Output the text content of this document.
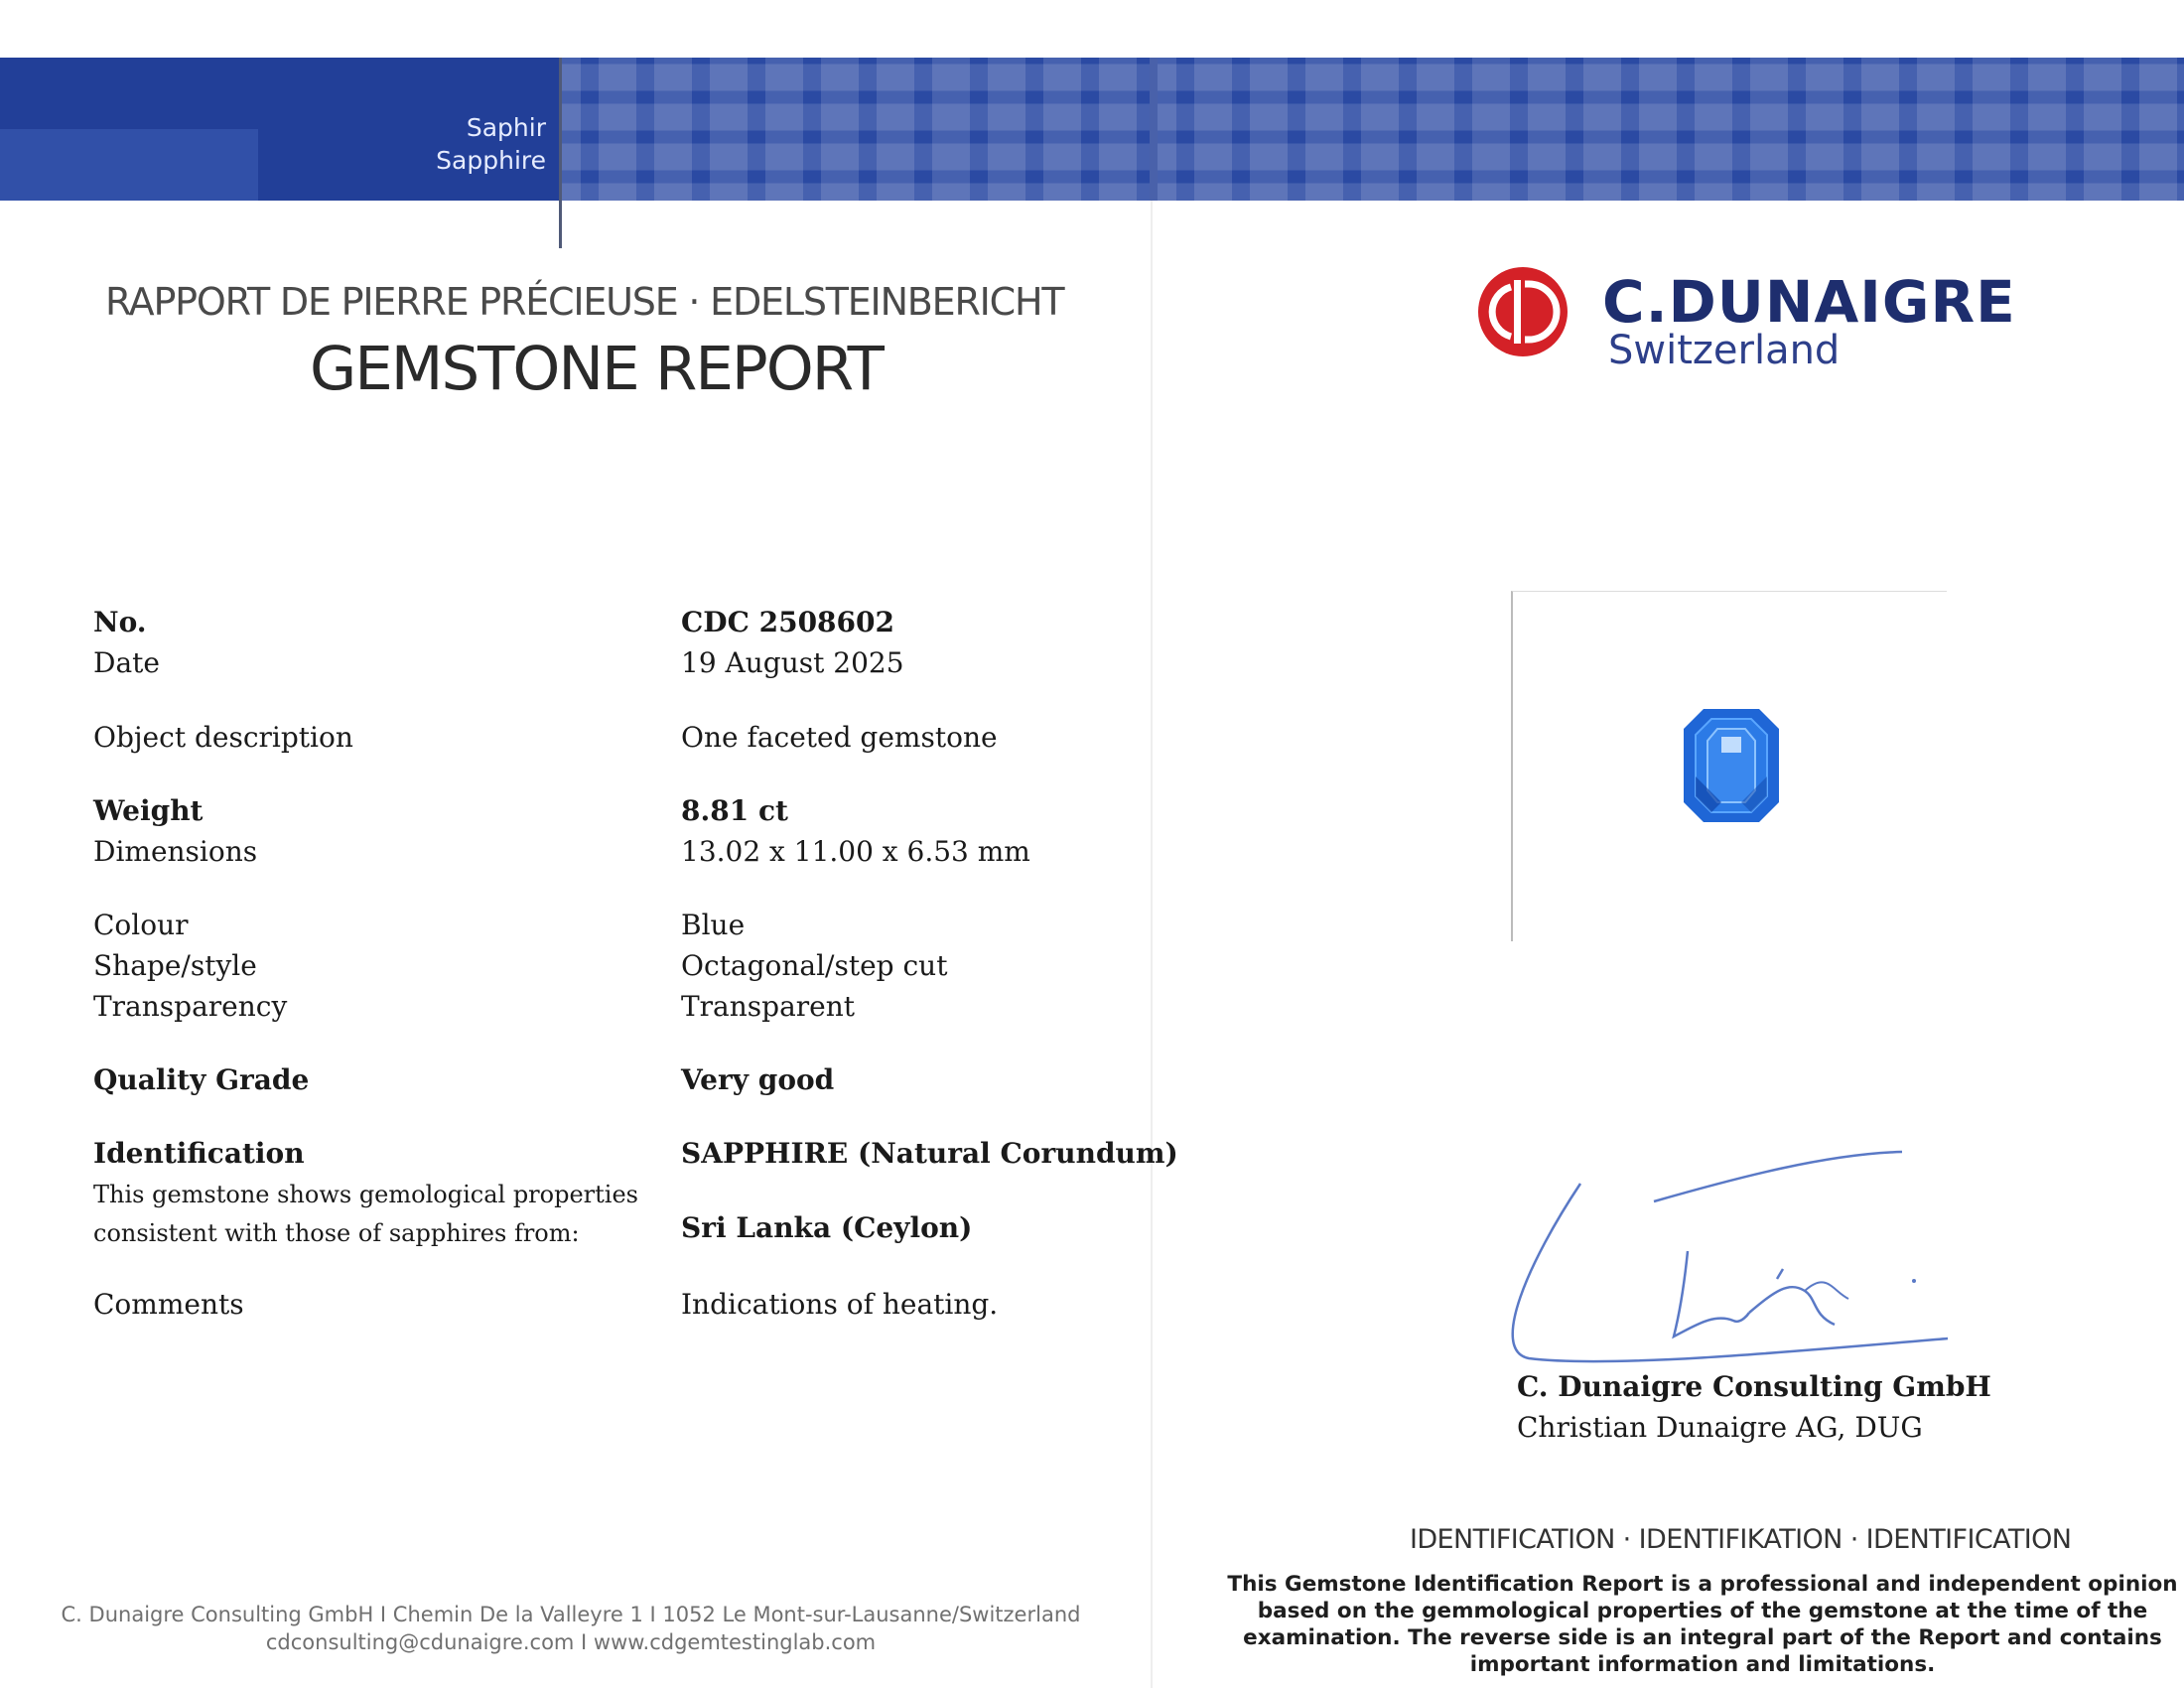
Saphir
Sapphire
RAPPORT DE PIERRE PRÉCIEUSE · EDELSTEINBERICHT
GEMSTONE REPORT
No.
Date
Object description
Weight
Dimensions
Colour
Shape/style
Transparency
Quality Grade
Identification
This gemstone shows gemological properties
consistent with those of sapphires from:
Comments
CDC 2508602
19 August 2025
One faceted gemstone
8.81 ct
13.02 x 11.00 x 6.53 mm
Blue
Octagonal/step cut
Transparent
Very good
SAPPHIRE (Natural Corundum)
Sri Lanka (Ceylon)
Indications of heating.
C. Dunaigre Consulting GmbH I Chemin De la Valleyre 1 I 1052 Le Mont-sur-Lausanne/Switzerland
cdconsulting@cdunaigre.com I www.cdgemtestinglab.com
C.DUNAIGRE
Switzerland
C. Dunaigre Consulting GmbH
Christian Dunaigre AG, DUG
IDENTIFICATION · IDENTIFIKATION · IDENTIFICATION
This Gemstone Identification Report is a professional and independent opinion
based on the gemmological properties of the gemstone at the time of the
examination. The reverse side is an integral part of the Report and contains
important information and limitations.
